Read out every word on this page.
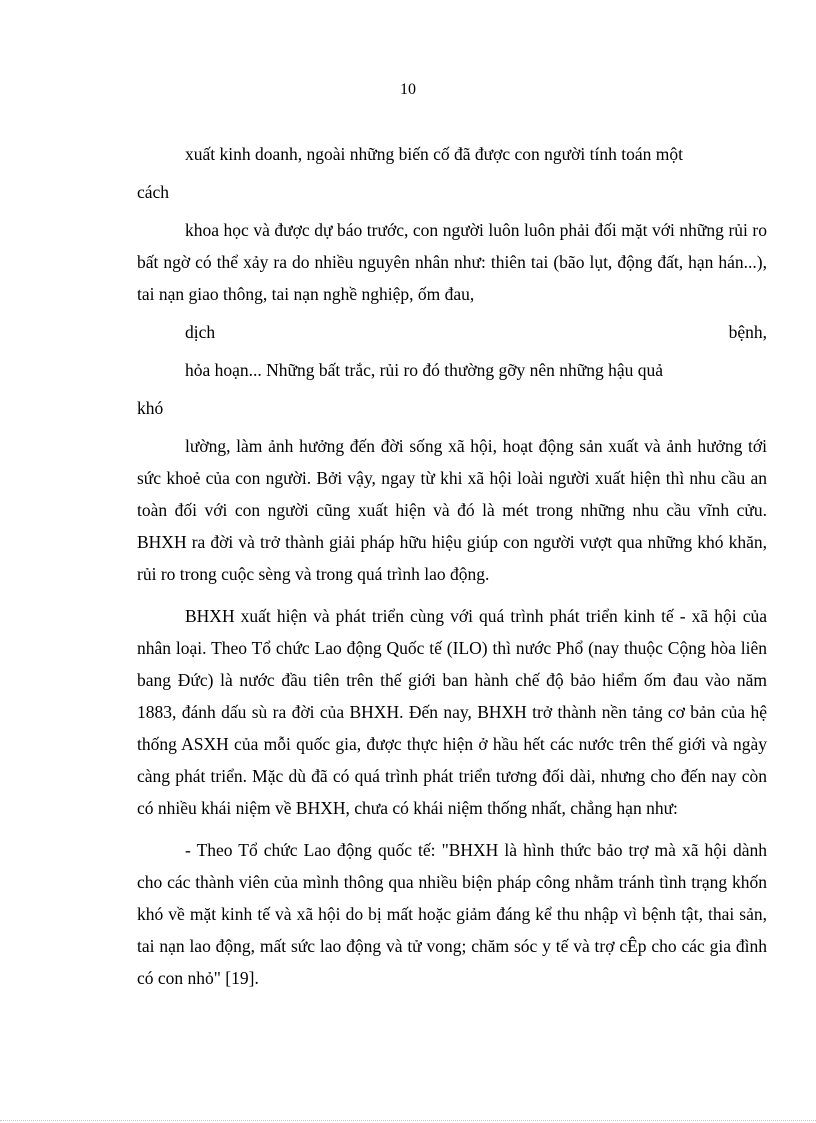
10

xuất kinh doanh, ngoài những biến cố đã được con người tính toán một

cách

khoa học và được dự báo trước, con người luôn luôn phải đối mặt với những rủi ro bất ngờ có thể xảy ra do nhiều nguyên nhân như: thiên tai (bão lụt, động đất, hạn hán...), tai nạn giao thông, tai nạn nghề nghiệp, ốm đau,

dịch	bệnh,

hỏa hoạn... Những bất trắc, rủi ro đó thường gỡy nên những hậu quả

khó

lường, làm ảnh hưởng đến đời sống xã hội, hoạt động sản xuất và ảnh hưởng tới sức khoẻ của con người. Bởi vậy, ngay từ khi xã hội loài người xuất hiện thì nhu cầu an toàn đối với con người cũng xuất hiện và đó là mét trong những nhu cầu vĩnh cửu. BHXH ra đời và trở thành giải pháp hữu hiệu giúp con người vượt qua những khó khăn, rủi ro trong cuộc sèng và trong quá trình lao động.

BHXH xuất hiện và phát triển cùng với quá trình phát triển kinh tế - xã hội của nhân loại. Theo Tổ chức Lao động Quốc tế (ILO) thì nước Phổ (nay thuộc Cộng hòa liên bang Đức) là nước đầu tiên trên thế giới ban hành chế độ bảo hiểm ốm đau vào năm 1883, đánh dấu sù ra đời của BHXH. Đến nay, BHXH trở thành nền tảng cơ bản của hệ thống ASXH của mỗi quốc gia, được thực hiện ở hầu hết các nước trên thế giới và ngày càng phát triển. Mặc dù đã có quá trình phát triển tương đối dài, nhưng cho đến nay còn có nhiều khái niệm về BHXH, chưa có khái niệm thống nhất, chẳng hạn như:

- Theo Tổ chức Lao động quốc tế: "BHXH là hình thức bảo trợ mà xã hội dành cho các thành viên của mình thông qua nhiều biện pháp công nhằm tránh tình trạng khốn khó về mặt kinh tế và xã hội do bị mất hoặc giảm đáng kể thu nhập vì bệnh tật, thai sản, tai nạn lao động, mất sức lao động và tử vong; chăm sóc y tế và trợ cÊp cho các gia đình có con nhỏ" [19].
